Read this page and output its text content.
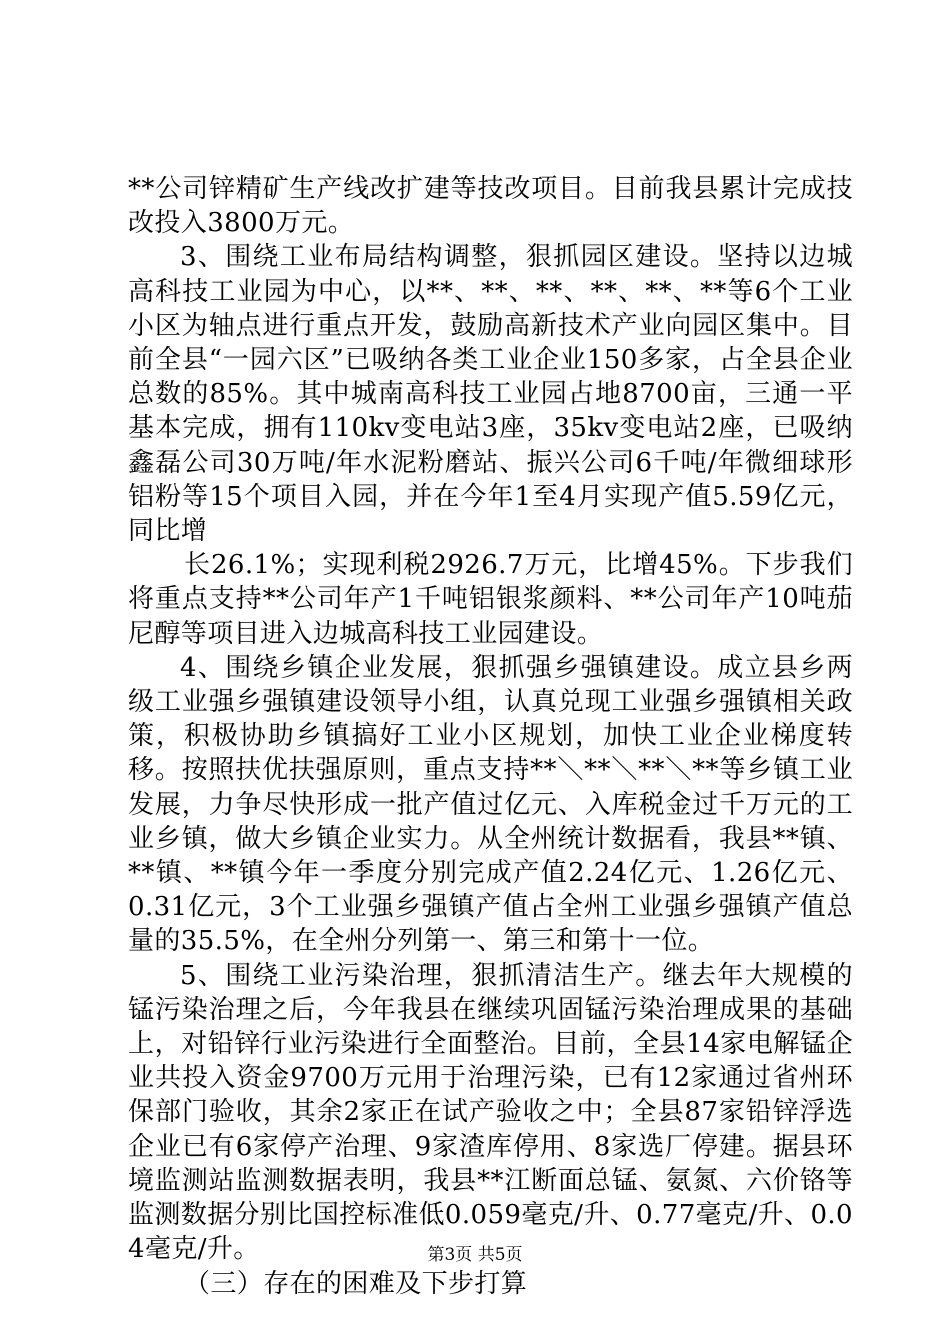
**公司锌精矿生产线改扩建等技改项目。目前我县累计完成技改投入3800万元。

3、围绕工业布局结构调整，狠抓园区建设。坚持以边城高科技工业园为中心，以**、**、**、**、**、**等6个工业小区为轴点进行重点开发，鼓励高新技术产业向园区集中。目前全县“一园六区”已吸纳各类工业企业150多家，占全县企业总数的85%。其中城南高科技工业园占地8700亩，三通一平基本完成，拥有110kv变电站3座，35kv变电站2座，已吸纳鑫磊公司30万吨/年水泥粉磨站、振兴公司6千吨/年微细球形铝粉等15个项目入园，并在今年1至4月实现产值5.59亿元，同比增

长26.1%；实现利税2926.7万元，比增45%。下步我们将重点支持**公司年产1千吨铝银浆颜料、**公司年产10吨茄尼醇等项目进入边城高科技工业园建设。

4、围绕乡镇企业发展，狠抓强乡强镇建设。成立县乡两级工业强乡强镇建设领导小组，认真兑现工业强乡强镇相关政策，积极协助乡镇搞好工业小区规划，加快工业企业梯度转移。按照扶优扶强原则，重点支持**＼**＼**＼**等乡镇工业发展，力争尽快形成一批产值过亿元、入库税金过千万元的工业乡镇，做大乡镇企业实力。从全州统计数据看，我县**镇、**镇、**镇今年一季度分别完成产值2.24亿元、1.26亿元、0.31亿元，3个工业强乡强镇产值占全州工业强乡强镇产值总量的35.5%，在全州分列第一、第三和第十一位。

5、围绕工业污染治理，狠抓清洁生产。继去年大规模的锰污染治理之后，今年我县在继续巩固锰污染治理成果的基础上，对铅锌行业污染进行全面整治。目前，全县14家电解锰企业共投入资金9700万元用于治理污染，已有12家通过省州环保部门验收，其余2家正在试产验收之中；全县87家铅锌浮选企业已有6家停产治理、9家渣库停用、8家选厂停建。据县环境监测站监测数据表明，我县**江断面总锰、氨氮、六价铬等监测数据分别比国控标准低0.059毫克/升、0.77毫克/升、0.04毫克/升。

（三）存在的困难及下步打算

第3页 共5页
